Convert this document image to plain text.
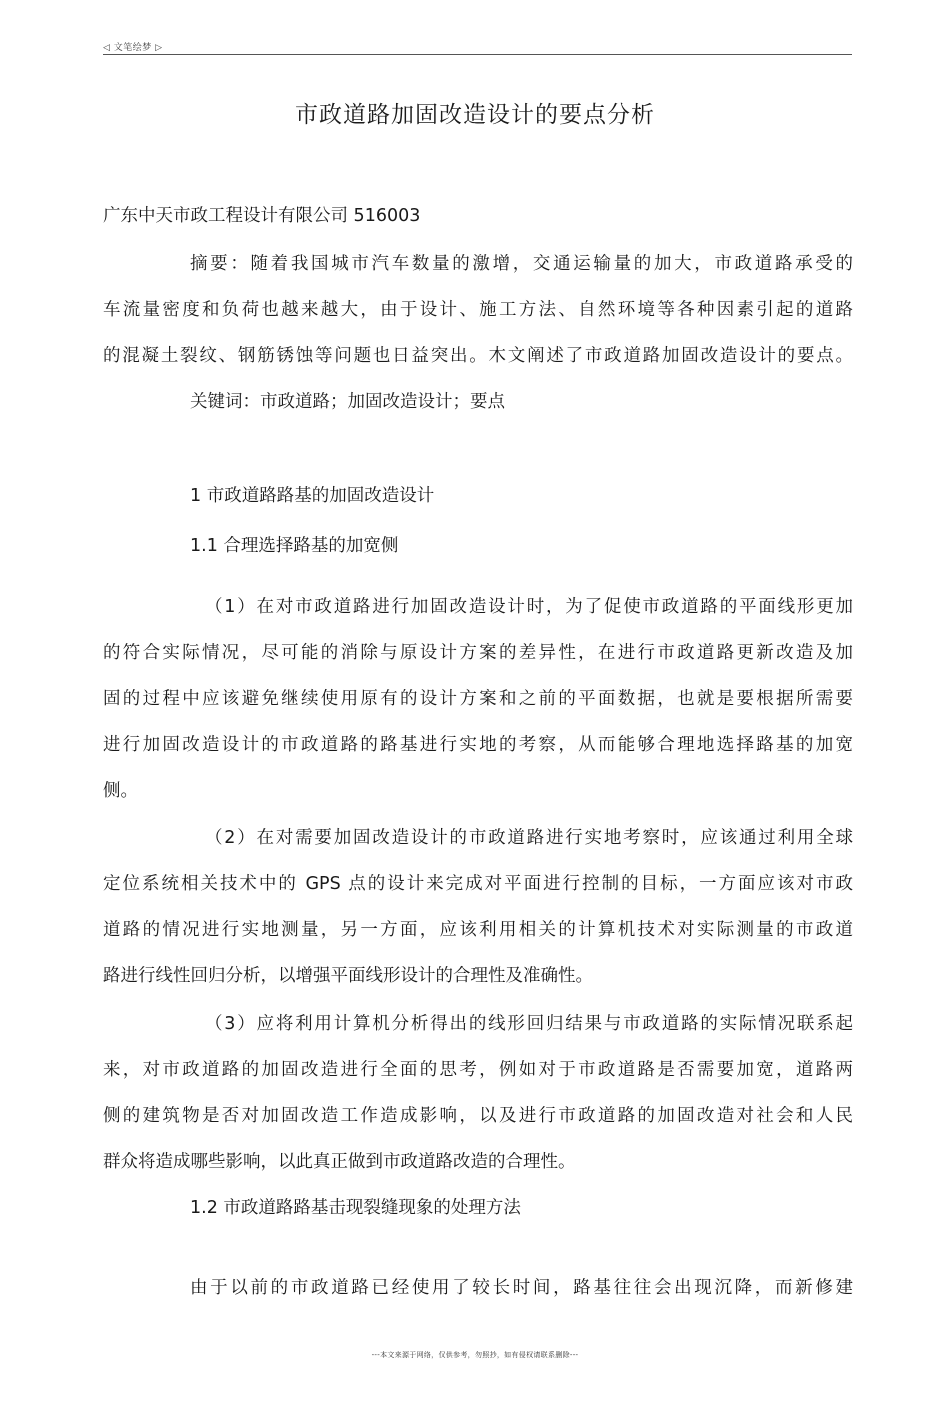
◁ 文笔绘梦 ▷
市政道路加固改造设计的要点分析
广东中天市政工程设计有限公司 516003
摘要：随着我国城市汽车数量的激增，交通运输量的加大，市政道路承受的
车流量密度和负荷也越来越大，由于设计、施工方法、自然环境等各种因素引起的道路
的混凝土裂纹、钢筋锈蚀等问题也日益突出。木文阐述了市政道路加固改造设计的要点。
关键词：市政道路；加固改造设计；要点
1 市政道路路基的加固改造设计
1.1 合理选择路基的加宽侧
（1）在对市政道路进行加固改造设计时，为了促使市政道路的平面线形更加
的符合实际情况，尽可能的消除与原设计方案的差异性，在进行市政道路更新改造及加
固的过程中应该避免继续使用原有的设计方案和之前的平面数据，也就是要根据所需要
进行加固改造设计的市政道路的路基进行实地的考察，从而能够合理地选择路基的加宽
侧。
（2）在对需要加固改造设计的市政道路进行实地考察时，应该通过利用全球
定位系统相关技术中的 GPS 点的设计来完成对平面进行控制的目标，一方面应该对市政
道路的情况进行实地测量，另一方面，应该利用相关的计算机技术对实际测量的市政道
路进行线性回归分析，以增强平面线形设计的合理性及准确性。
（3）应将利用计算机分析得出的线形回归结果与市政道路的实际情况联系起
来，对市政道路的加固改造进行全面的思考，例如对于市政道路是否需要加宽，道路两
侧的建筑物是否对加固改造工作造成影响，以及进行市政道路的加固改造对社会和人民
群众将造成哪些影响，以此真正做到市政道路改造的合理性。
1.2 市政道路路基击现裂缝现象的处理方法
由于以前的市政道路已经使用了较长时间，路基往往会出现沉降，而新修建
---本文来源于网络，仅供参考，勿照抄，如有侵权请联系删除---
